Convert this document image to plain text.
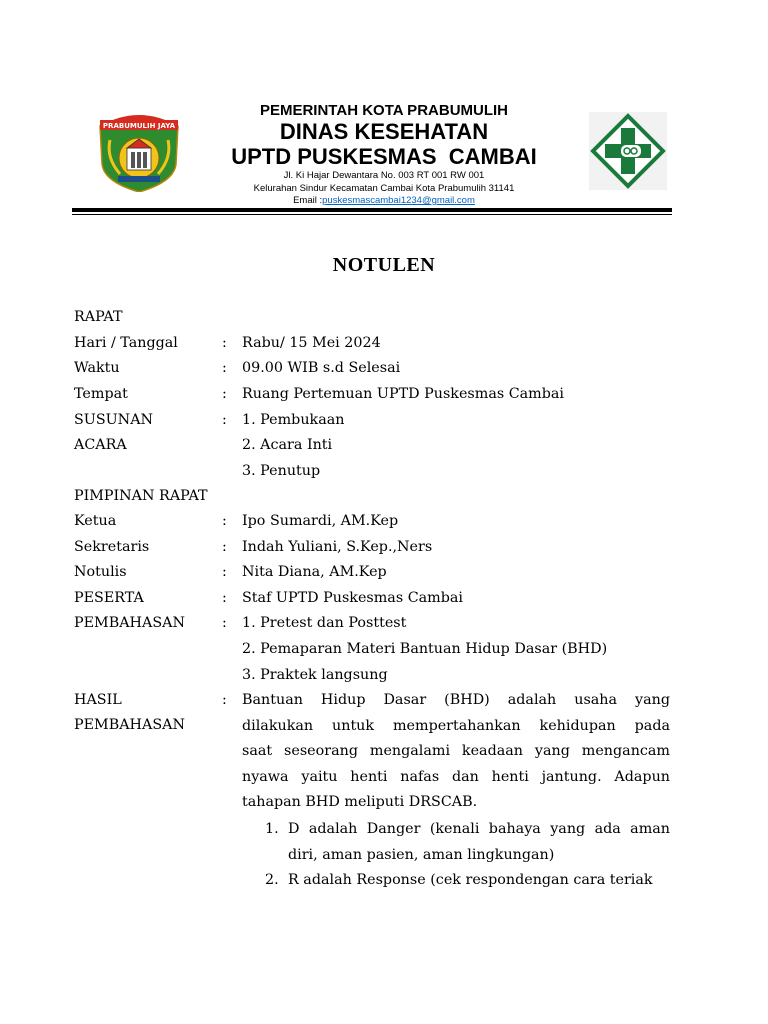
PRABUMULIH JAYA
PEMERINTAH KOTA PRABUMULIH
DINAS KESEHATAN
UPTD PUSKESMAS  CAMBAI
Jl. Ki Hajar Dewantara No. 003 RT 001 RW 001
Kelurahan Sindur Kecamatan Cambai Kota Prabumulih 31141
Email :puskesmascambai1234@gmail.com
NOTULEN
RAPAT
Hari / Tanggal	: Rabu/ 15 Mei 2024
Waktu	: 09.00 WIB s.d Selesai
Tempat	: Ruang Pertemuan UPTD Puskesmas Cambai
SUSUNAN	: 1. Pembukaan
ACARA	2. Acara Inti
3. Penutup
PIMPINAN RAPAT
Ketua	: Ipo Sumardi, AM.Kep
Sekretaris	: Indah Yuliani, S.Kep.,Ners
Notulis	: Nita Diana, AM.Kep
PESERTA	: Staf UPTD Puskesmas Cambai
PEMBAHASAN	: 1. Pretest dan Posttest
2. Pemaparan Materi Bantuan Hidup Dasar (BHD)
3. Praktek langsung
HASIL	:
PEMBAHASAN
Bantuan Hidup Dasar (BHD) adalah usaha yang
dilakukan untuk mempertahankan kehidupan pada
saat seseorang mengalami keadaan yang mengancam
nyawa yaitu henti nafas dan henti jantung. Adapun
tahapan BHD meliputi DRSCAB.
1. D adalah Danger (kenali bahaya yang ada aman
diri, aman pasien, aman lingkungan)
2. R adalah Response (cek respondengan cara teriak
